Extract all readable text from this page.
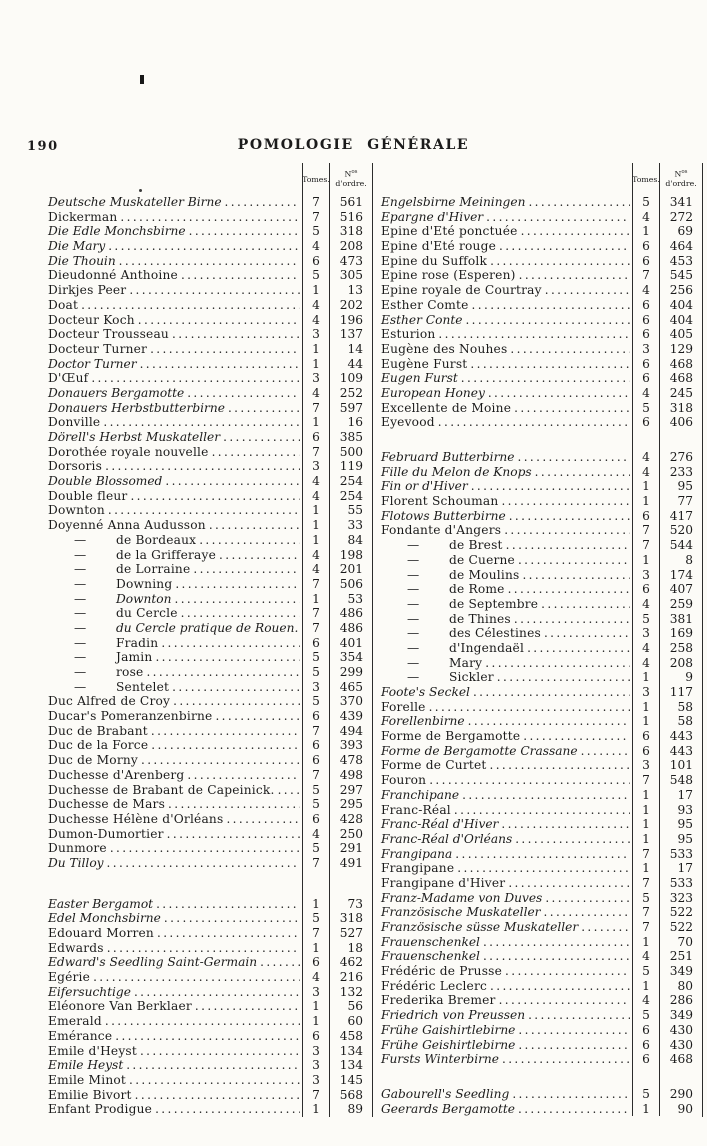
190	POMOLOGIE GÉNÉRALE
Tomes.
$N^{os}$
d'ordre.
Deutsche Muskateller Birne .....	7	561
Dickerman .....	7	516
Die Edle Monchsbirne .....	5	318
Die Mary .....	4	208
Die Thouin .....	6	473
Dieudonné Anthoine .....	5	305
Dirkjes Peer .....	1	13
Doat .....	4	202
Docteur Koch .....	4	196
Docteur Trousseau .....	3	137
Docteur Turner .....	1	14
Doctor Turner .....	1	44
D'Œuf .....	3	109
Donauers Bergamotte .....	4	252
Donauers Herbstbutterbirne .....	7	597
Donville .....	1	16
Dörell's Herbst Muskateller .....	6	385
Dorothée royale nouvelle .....	7	500
Dorsoris .....	3	119
Double Blossomed .....	4	254
Double fleur .....	4	254
Downton .....	1	55
Doyenné Anna Audusson .....	1	33
—	de Bordeaux .....	1	84
—	de la Grifferaye .....	4	198
—	de Lorraine .....	4	201
—	Downing .....	7	506
—	Downton .....	1	53
—	du Cercle .....	7	486
—	du Cercle pratique de Rouen.	7	486
—	Fradin .....	6	401
—	Jamin .....	5	354
—	rose .....	5	299
—	Sentelet .....	3	465
Duc Alfred de Croy .....	5	370
Ducar's Pomeranzenbirne .....	6	439
Duc de Brabant .....	7	494
Duc de la Force .....	6	393
Duc de Morny .....	6	478
Duchesse d'Arenberg .....	7	498
Duchesse de Brabant de Capeinick. .....	5	297
Duchesse de Mars .....	5	295
Duchesse Hélène d'Orléans .....	6	428
Dumon-Dumortier .....	4	250
Dunmore .....	5	291
Du Tilloy .....	7	491
Easter Bergamot .....	1	73
Edel Monchsbirne .....	5	318
Edouard Morren .....	7	527
Edwards .....	1	18
Edward's Seedling Saint-Germain .....	6	462
Egérie .....	4	216
Eifersuchtige .....	3	132
Eléonore Van Berklaer .....	1	56
Emerald .....	1	60
Emérance .....	6	458
Emile d'Heyst .....	3	134
Emile Heyst .....	3	134
Emile Minot .....	3	145
Emilie Bivort .....	7	568
Enfant Prodigue .....	1	89
Tomes.
$N^{os}$
d'ordre.
Engelsbirne Meiningen .....	5	341
Epargne d'Hiver .....	4	272
Epine d'Eté ponctuée .....	1	69
Epine d'Eté rouge .....	6	464
Epine du Suffolk .....	6	453
Epine rose (Esperen) .....	7	545
Epine royale de Courtray .....	4	256
Esther Comte .....	6	404
Esther Conte .....	6	404
Esturion .....	6	405
Eugène des Nouhes .....	3	129
Eugène Furst .....	6	468
Eugen Furst .....	6	468
European Honey .....	4	245
Excellente de Moine .....	5	318
Eyevood .....	6	406
Februard Butterbirne .....	4	276
Fille du Melon de Knops .....	4	233
Fin or d'Hiver .....	1	95
Florent Schouman .....	1	77
Flotows Butterbirne .....	6	417
Fondante d'Angers .....	7	520
—	de Brest .....	7	544
—	de Cuerne .....	1	8
—	de Moulins .....	3	174
—	de Rome .....	6	407
—	de Septembre .....	4	259
—	de Thines .....	5	381
—	des Célestines .....	3	169
—	d'Ingendaël .....	4	258
—	Mary .....	4	208
—	Sickler .....	1	9
Foote's Seckel .....	3	117
Forelle .....	1	58
Forellenbirne .....	1	58
Forme de Bergamotte .....	6	443
Forme de Bergamotte Crassane .....	6	443
Forme de Curtet .....	3	101
Fouron .....	7	548
Franchipane .....	1	17
Franc-Réal .....	1	93
Franc-Réal d'Hiver .....	1	95
Franc-Réal d'Orléans .....	1	95
Frangipana .....	7	533
Frangipane .....	1	17
Frangipane d'Hiver .....	7	533
Franz-Madame von Duves .....	5	323
Französische Muskateller .....	7	522
Französische süsse Muskateller .....	7	522
Frauenschenkel .....	1	70
Frauenschenkel .....	4	251
Frédéric de Prusse .....	5	349
Frédéric Leclerc .....	1	80
Frederika Bremer .....	4	286
Friedrich von Preussen .....	5	349
Frühe Gaishirtlebirne .....	6	430
Frühe Geishirtlebirne .....	6	430
Fursts Winterbirne .....	6	468
Gabourell's Seedling .....	5	290
Geerards Bergamotte .....	1	90
